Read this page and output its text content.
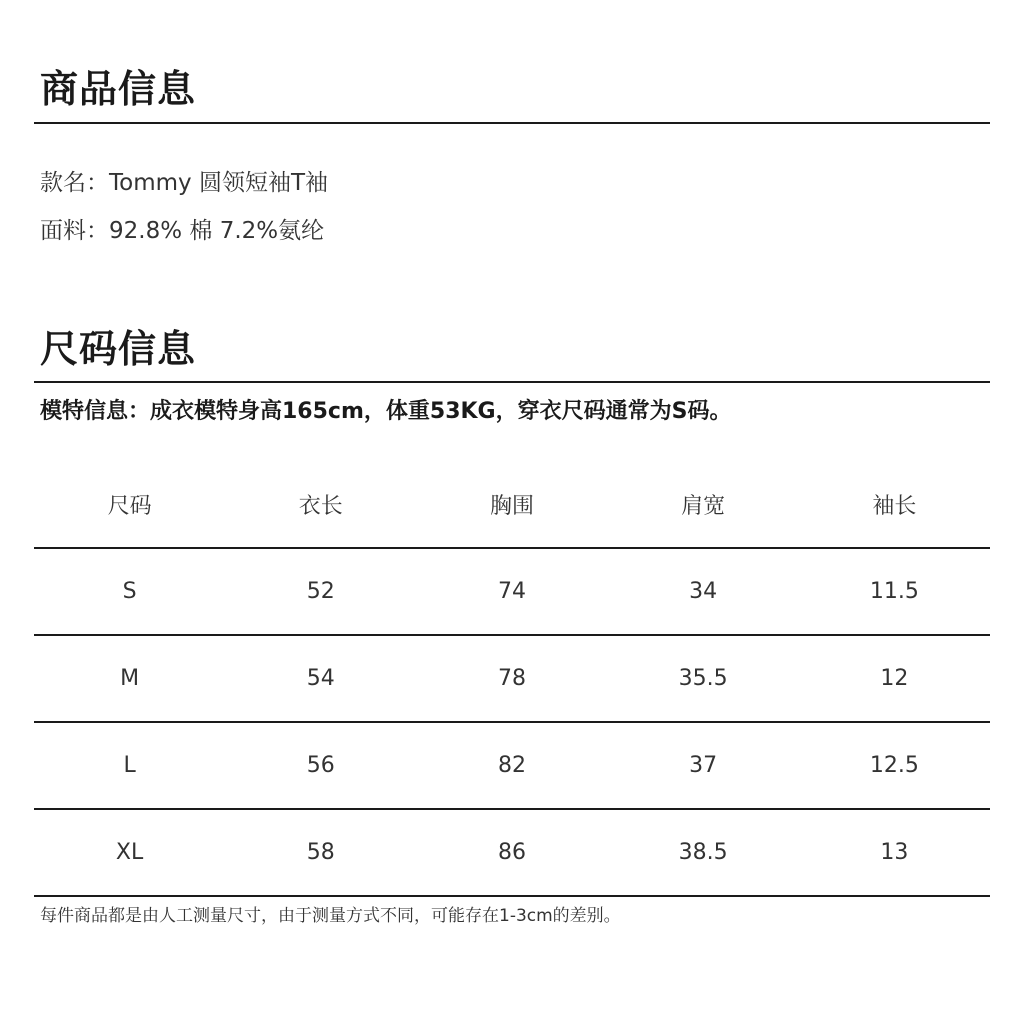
商品信息
款名：Tommy 圆领短袖T袖
面料：92.8% 棉 7.2%氨纶
尺码信息
模特信息：成衣模特身高165cm，体重53KG，穿衣尺码通常为S码。
尺码	衣长	胸围	肩宽	袖长
S	52	74	34	11.5
M	54	78	35.5	12
L	56	82	37	12.5
XL	58	86	38.5	13
每件商品都是由人工测量尺寸，由于测量方式不同，可能存在1-3cm的差别。
